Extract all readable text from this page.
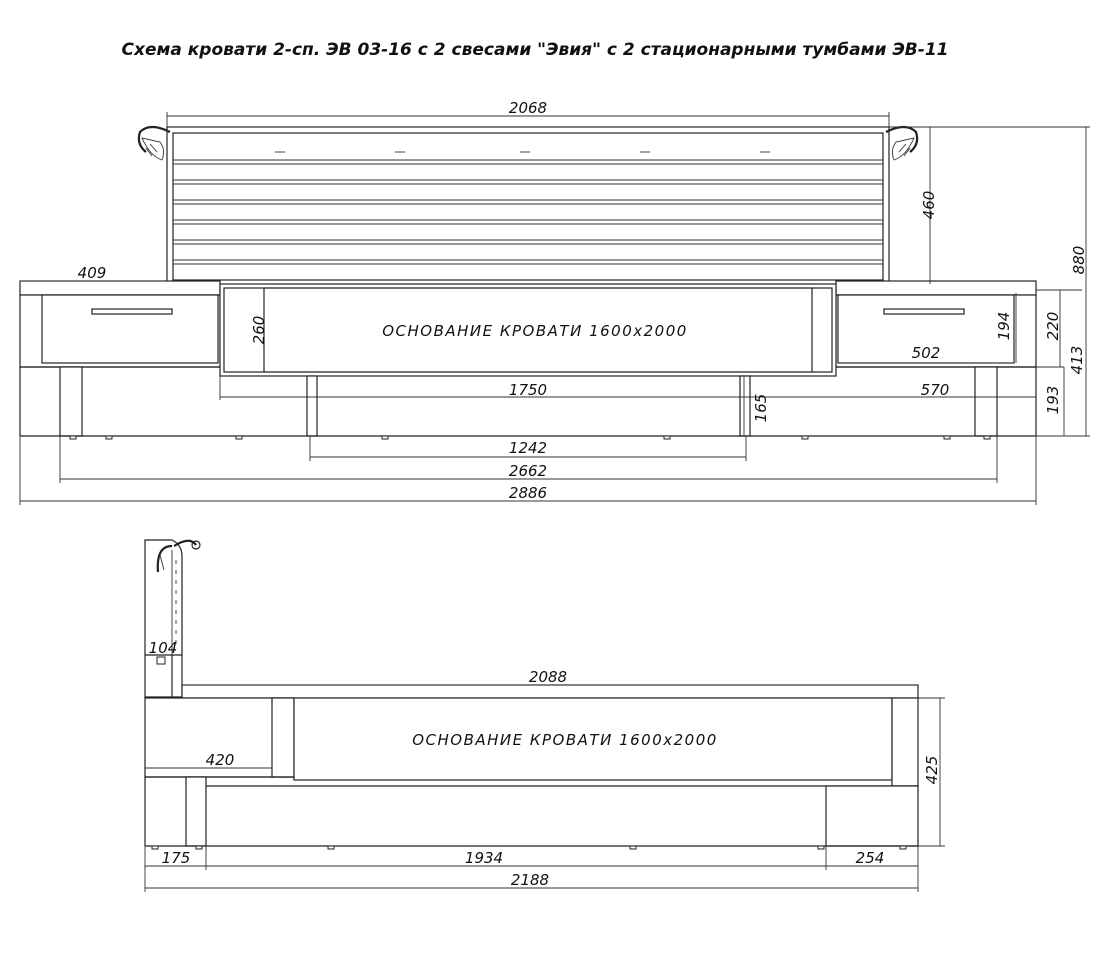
Схема кровати 2-сп. ЭВ 03-16 с 2 свесами "Эвия" с 2 стационарными тумбами ЭВ-11
ОСНОВАНИЕ КРОВАТИ 1600x2000
2068
460
880
409
260	194 220
502	413
1750
165
570	193
1242
2662
2886
ОСНОВАНИЕ КРОВАТИ 1600x2000
104
2088
420	425
175	1934	254
2188
